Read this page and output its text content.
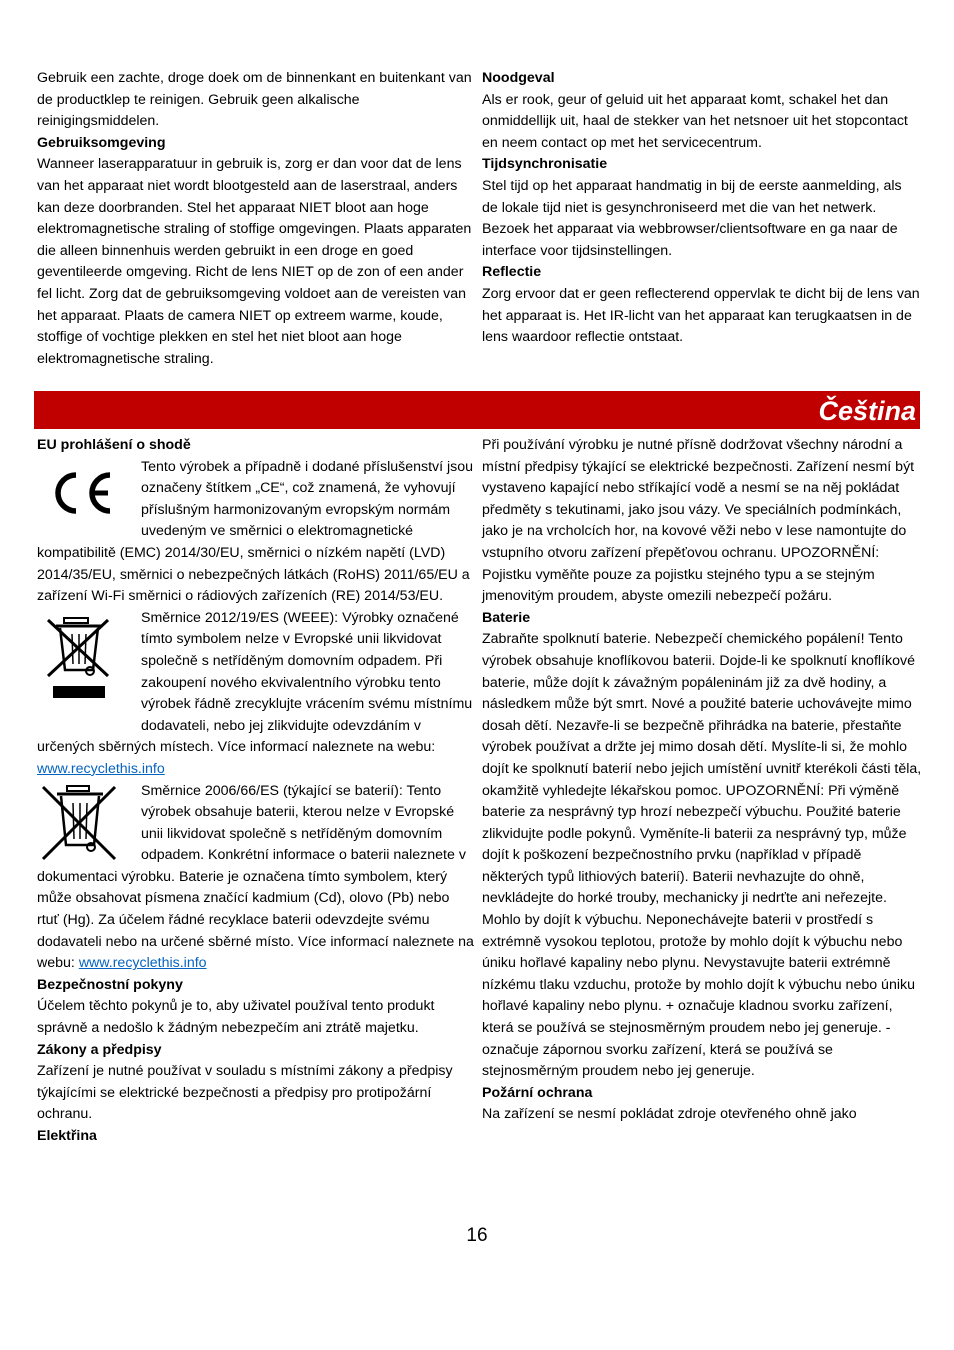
Gebruik een zachte, droge doek om de binnenkant en buitenkant van de productklep te reinigen. Gebruik geen alkalische reinigingsmiddelen.

Gebruiksomgeving

Wanneer laserapparatuur in gebruik is, zorg er dan voor dat de lens van het apparaat niet wordt blootgesteld aan de laserstraal, anders kan deze doorbranden. Stel het apparaat NIET bloot aan hoge elektromagnetische straling of stoffige omgevingen. Plaats apparaten die alleen binnenhuis werden gebruikt in een droge en goed geventileerde omgeving. Richt de lens NIET op de zon of een ander fel licht. Zorg dat de gebruiksomgeving voldoet aan de vereisten van het apparaat. Plaats de camera NIET op extreem warme, koude, stoffige of vochtige plekken en stel het niet bloot aan hoge elektromagnetische straling.

Noodgeval

Als er rook, geur of geluid uit het apparaat komt, schakel het dan onmiddellijk uit, haal de stekker van het netsnoer uit het stopcontact en neem contact op met het servicecentrum.

Tijdsynchronisatie

Stel tijd op het apparaat handmatig in bij de eerste aanmelding, als de lokale tijd niet is gesynchroniseerd met die van het netwerk. Bezoek het apparaat via webbrowser/clientsoftware en ga naar de interface voor tijdsinstellingen.

Reflectie

Zorg ervoor dat er geen reflecterend oppervlak te dicht bij de lens van het apparaat is. Het IR-licht van het apparaat kan terugkaatsen in de lens waardoor reflectie ontstaat.

Čeština

EU prohlášení o shodě

Tento výrobek a případně i dodané příslušenství jsou označeny štítkem „CE“, což znamená, že vyhovují příslušným harmonizovaným evropským normám uvedeným ve směrnici o elektromagnetické kompatibilitě (EMC) 2014/30/EU, směrnici o nízkém napětí (LVD) 2014/35/EU, směrnici o nebezpečných látkách (RoHS) 2011/65/EU a zařízení Wi-Fi směrnici o rádiových zařízeních (RE) 2014/53/EU.

Směrnice 2012/19/ES (WEEE): Výrobky označené tímto symbolem nelze v Evropské unii likvidovat společně s netříděným domovním odpadem. Při zakoupení nového ekvivalentního výrobku tento výrobek řádně zrecyklujte vrácením svému místnímu dodavateli, nebo jej zlikvidujte odevzdáním v určených sběrných místech. Více informací naleznete na webu: www.recyclethis.info

Směrnice 2006/66/ES (týkající se baterií): Tento výrobek obsahuje baterii, kterou nelze v Evropské unii likvidovat společně s netříděným domovním odpadem. Konkrétní informace o baterii naleznete v dokumentaci výrobku. Baterie je označena tímto symbolem, který může obsahovat písmena značící kadmium (Cd), olovo (Pb) nebo rtuť (Hg). Za účelem řádné recyklace baterii odevzdejte svému dodavateli nebo na určené sběrné místo. Více informací naleznete na webu: www.recyclethis.info

Bezpečnostní pokyny

Účelem těchto pokynů je to, aby uživatel používal tento produkt správně a nedošlo k žádným nebezpečím ani ztrátě majetku.

Zákony a předpisy

Zařízení je nutné používat v souladu s místními zákony a předpisy týkajícími se elektrické bezpečnosti a předpisy pro protipožární ochranu.

Elektřina

Při používání výrobku je nutné přísně dodržovat všechny národní a místní předpisy týkající se elektrické bezpečnosti. Zařízení nesmí být vystaveno kapající nebo stříkající vodě a nesmí se na něj pokládat předměty s tekutinami, jako jsou vázy. Ve speciálních podmínkách, jako je na vrcholcích hor, na kovové věži nebo v lese namontujte do vstupního otvoru zařízení přepěťovou ochranu. UPOZORNĚNÍ: Pojistku vyměňte pouze za pojistku stejného typu a se stejným jmenovitým proudem, abyste omezili nebezpečí požáru.

Baterie

Zabraňte spolknutí baterie. Nebezpečí chemického popálení! Tento výrobek obsahuje knoflíkovou baterii. Dojde-li ke spolknutí knoflíkové baterie, může dojít k závažným popáleninám již za dvě hodiny, a následkem může být smrt. Nové a použité baterie uchovávejte mimo dosah dětí. Nezavře-li se bezpečně přihrádka na baterie, přestaňte výrobek používat a držte jej mimo dosah dětí. Myslíte-li si, že mohlo dojít ke spolknutí baterií nebo jejich umístění uvnitř kterékoli části těla, okamžitě vyhledejte lékařskou pomoc. UPOZORNĚNÍ: Při výměně baterie za nesprávný typ hrozí nebezpečí výbuchu. Použité baterie zlikvidujte podle pokynů. Vyměníte-li baterii za nesprávný typ, může dojít k poškození bezpečnostního prvku (například v případě některých typů lithiových baterií). Baterii nevhazujte do ohně, nevkládejte do horké trouby, mechanicky ji nedrťte ani neřezejte. Mohlo by dojít k výbuchu. Neponechávejte baterii v prostředí s extrémně vysokou teplotou, protože by mohlo dojít k výbuchu nebo úniku hořlavé kapaliny nebo plynu. Nevystavujte baterii extrémně nízkému tlaku vzduchu, protože by mohlo dojít k výbuchu nebo úniku hořlavé kapaliny nebo plynu. + označuje kladnou svorku zařízení, která se používá se stejnosměrným proudem nebo jej generuje. - označuje zápornou svorku zařízení, která se používá se stejnosměrným proudem nebo jej generuje.

Požární ochrana

Na zařízení se nesmí pokládat zdroje otevřeného ohně jako

16
